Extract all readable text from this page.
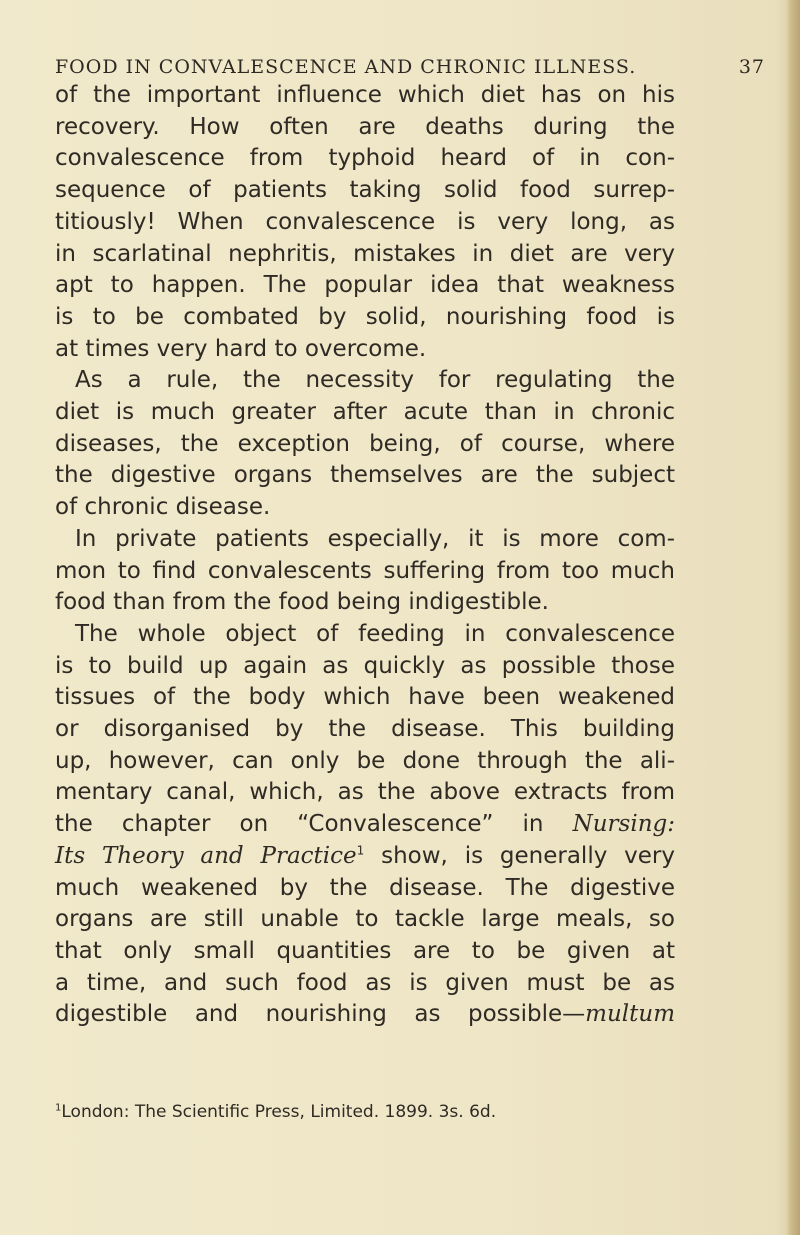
FOOD IN CONVALESCENCE AND CHRONIC ILLNESS.	37
of the important influence which diet has on his
recovery. How often are deaths during the
convalescence from typhoid heard of in con-
sequence of patients taking solid food surrep-
titiously! When convalescence is very long, as
in scarlatinal nephritis, mistakes in diet are very
apt to happen. The popular idea that weakness
is to be combated by solid, nourishing food is
at times very hard to overcome.
As a rule, the necessity for regulating the
diet is much greater after acute than in chronic
diseases, the exception being, of course, where
the digestive organs themselves are the subject
of chronic disease.
In private patients especially, it is more com-
mon to find convalescents suffering from too much
food than from the food being indigestible.
The whole object of feeding in convalescence
is to build up again as quickly as possible those
tissues of the body which have been weakened
or disorganised by the disease. This building
up, however, can only be done through the ali-
mentary canal, which, as the above extracts from
the chapter on “Convalescence” in Nursing:
Its Theory and Practice$^1$ show, is generally very
much weakened by the disease. The digestive
organs are still unable to tackle large meals, so
that only small quantities are to be given at
a time, and such food as is given must be as
digestible and nourishing as possible—multum
$^1$London: The Scientific Press, Limited. 1899. 3s. 6d.
